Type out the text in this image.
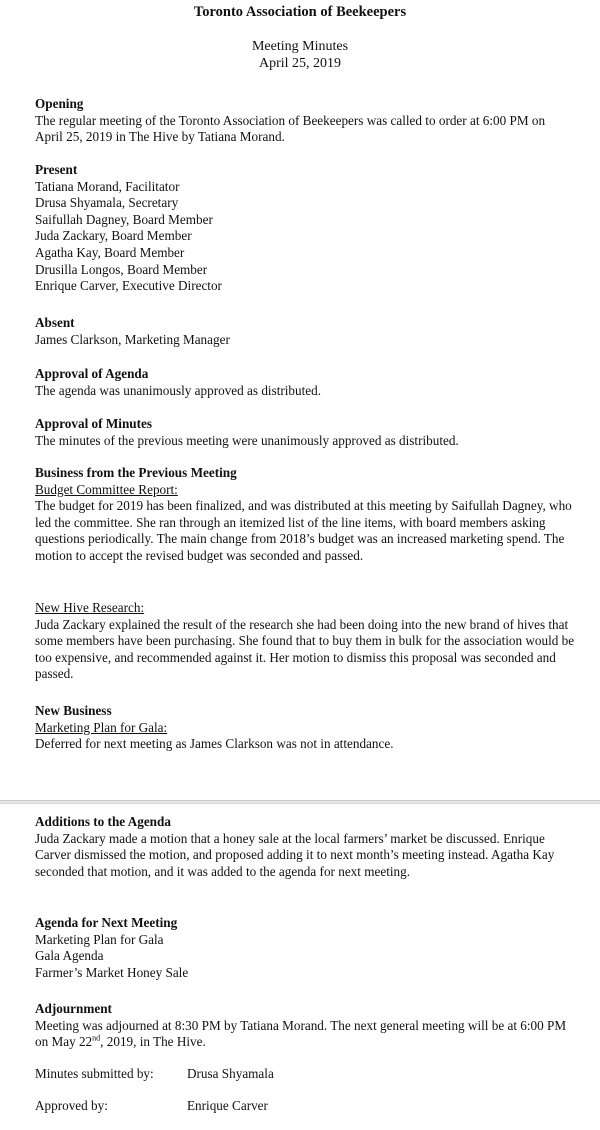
Toronto Association of Beekeepers
Meeting Minutes
April 25, 2019
Opening

The regular meeting of the Toronto Association of Beekeepers was called to order at 6:00 PM on April 25, 2019 in The Hive by Tatiana Morand.

Present
Tatiana Morand, Facilitator
Drusa Shyamala, Secretary
Saifullah Dagney, Board Member
Juda Zackary, Board Member
Agatha Kay, Board Member
Drusilla Longos, Board Member
Enrique Carver, Executive Director
Absent
James Clarkson, Marketing Manager
Approval of Agenda

The agenda was unanimously approved as distributed.

Approval of Minutes

The minutes of the previous meeting were unanimously approved as distributed.

Business from the Previous Meeting
Budget Committee Report:

The budget for 2019 has been finalized, and was distributed at this meeting by Saifullah Dagney, who led the committee. She ran through an itemized list of the line items, with board members asking questions periodically. The main change from 2018’s budget was an increased marketing spend. The motion to accept the revised budget was seconded and passed.

New Hive Research:

Juda Zackary explained the result of the research she had been doing into the new brand of hives that some members have been purchasing. She found that to buy them in bulk for the association would be too expensive, and recommended against it. Her motion to dismiss this proposal was seconded and passed.

New Business
Marketing Plan for Gala:

Deferred for next meeting as James Clarkson was not in attendance.

Additions to the Agenda

Juda Zackary made a motion that a honey sale at the local farmers’ market be discussed. Enrique Carver dismissed the motion, and proposed adding it to next month’s meeting instead. Agatha Kay seconded that motion, and it was added to the agenda for next meeting.

Agenda for Next Meeting
Marketing Plan for Gala
Gala Agenda
Farmer’s Market Honey Sale
Adjournment

Meeting was adjourned at 8:30 PM by Tatiana Morand. The next general meeting will be at 6:00 PM on May 22nd, 2019, in The Hive.

Minutes submitted by:	Drusa Shyamala
Approved by:	Enrique Carver
